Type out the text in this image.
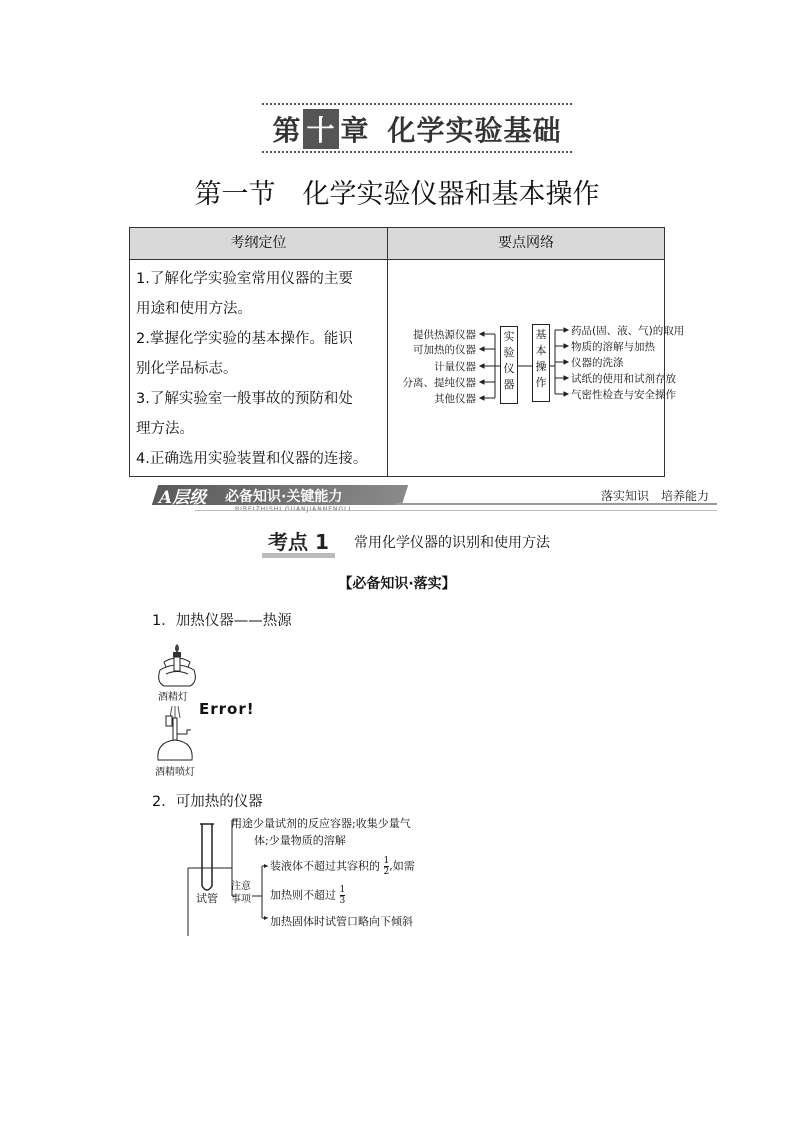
第 十 章 化学实验基础
第一节　化学实验仪器和基本操作
考纲定位	要点网络
1.了解化学实验室常用仪器的主要
用途和使用方法。
2.掌握化学实验的基本操作。能识
别化学品标志。
3.了解实验室一般事故的预防和处
理方法。
4.正确选用实验装置和仪器的连接。
提供热源仪器
可加热的仪器
计量仪器
分离、提纯仪器
其他仪器
实验仪器
基本操作
药品(固、液、气)的取用
物质的溶解与加热
仪器的洗涤
试纸的使用和试剂存放
气密性检查与安全操作
A层级 必备知识·关键能力
BIBEIZHISHI GUANJIANNENGLI
落实知识　培养能力
考点 1 常用化学仪器的识别和使用方法
【必备知识·落实】
1．加热仪器——热源
酒精灯
Error!
酒精喷灯
2．可加热的仪器
试管
用途少量试剂的反应容器;收集少量气
体;少量物质的溶解
注意事项
装液体不超过其容积的 $\frac{1}{2}$ ,如需
加热则不超过 $\frac{1}{3}$
加热固体时试管口略向下倾斜
